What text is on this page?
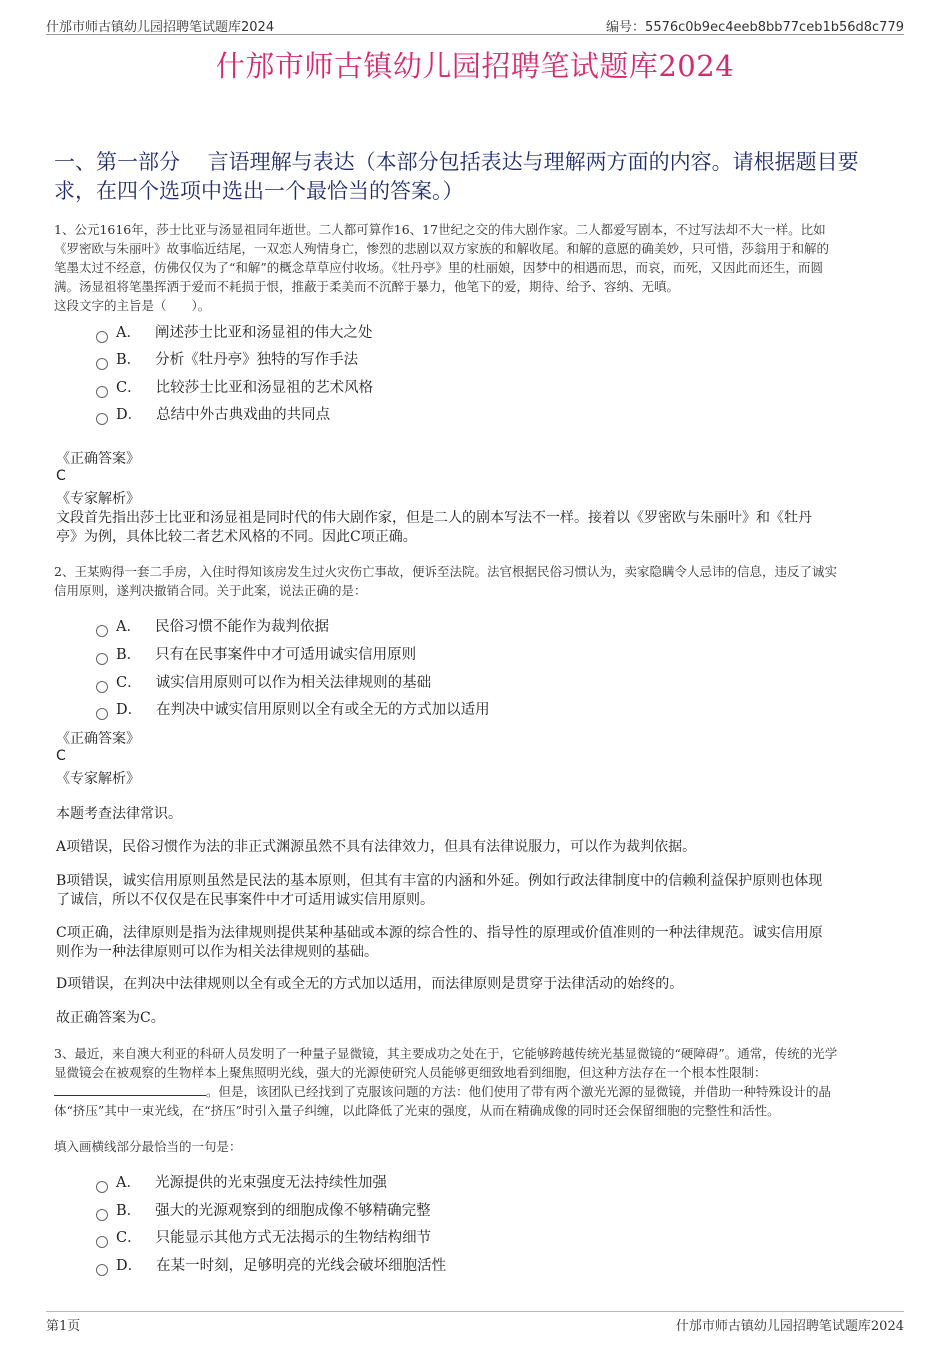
什邡市师古镇幼儿园招聘笔试题库2024	编号：5576c0b9ec4eeb8bb77ceb1b56d8c779
什邡市师古镇幼儿园招聘笔试题库2024
一、第一部分　 言语理解与表达（本部分包括表达与理解两方面的内容。请根据题目要求，在四个选项中选出一个最恰当的答案。）
1、公元1616年，莎士比亚与汤显祖同年逝世。二人都可算作16、17世纪之交的伟大剧作家。二人都爱写剧本，不过写法却不大一样。比如
《罗密欧与朱丽叶》故事临近结尾，一双恋人殉情身亡，惨烈的悲剧以双方家族的和解收尾。和解的意愿的确美妙，只可惜，莎翁用于和解的
笔墨太过不经意，仿佛仅仅为了“和解”的概念草草应付收场。《牡丹亭》里的杜丽娘，因梦中的相遇而思，而哀，而死，又因此而还生，而圆
满。汤显祖将笔墨挥洒于爱而不耗损于恨，推蔽于柔美而不沉醉于暴力，他笔下的爱，期待、给予、容纳、无嗔。
这段文字的主旨是（　　）。
A． 阐述莎士比亚和汤显祖的伟大之处
B． 分析《牡丹亭》独特的写作手法
C． 比较莎士比亚和汤显祖的艺术风格
D． 总结中外古典戏曲的共同点
《正确答案》
C
《专家解析》
文段首先指出莎士比亚和汤显祖是同时代的伟大剧作家，但是二人的剧本写法不一样。接着以《罗密欧与朱丽叶》和《牡丹
亭》为例，具体比较二者艺术风格的不同。因此C项正确。
2、王某购得一套二手房，入住时得知该房发生过火灾伤亡事故，便诉至法院。法官根据民俗习惯认为，卖家隐瞒令人忌讳的信息，违反了诚实
信用原则，遂判决撤销合同。关于此案，说法正确的是：
A． 民俗习惯不能作为裁判依据
B． 只有在民事案件中才可适用诚实信用原则
C． 诚实信用原则可以作为相关法律规则的基础
D． 在判决中诚实信用原则以全有或全无的方式加以适用
《正确答案》
C
《专家解析》
本题考查法律常识。
A项错误，民俗习惯作为法的非正式渊源虽然不具有法律效力，但具有法律说服力，可以作为裁判依据。
B项错误，诚实信用原则虽然是民法的基本原则，但其有丰富的内涵和外延。例如行政法律制度中的信赖利益保护原则也体现
了诚信，所以不仅仅是在民事案件中才可适用诚实信用原则。
C项正确，法律原则是指为法律规则提供某种基础或本源的综合性的、指导性的原理或价值准则的一种法律规范。诚实信用原
则作为一种法律原则可以作为相关法律规则的基础。
D项错误，在判决中法律规则以全有或全无的方式加以适用，而法律原则是贯穿于法律活动的始终的。
故正确答案为C。
3、最近，来自澳大利亚的科研人员发明了一种量子显微镜，其主要成功之处在于，它能够跨越传统光基显微镜的“硬障碍”。通常，传统的光学
显微镜会在被观察的生物样本上聚焦照明光线，强大的光源使研究人员能够更细致地看到细胞，但这种方法存在一个根本性限制：
。但是，该团队已经找到了克服该问题的方法：他们使用了带有两个激光光源的显微镜，并借助一种特殊设计的晶
体“挤压”其中一束光线，在“挤压”时引入量子纠缠，以此降低了光束的强度，从而在精确成像的同时还会保留细胞的完整性和活性。
填入画横线部分最恰当的一句是：
A． 光源提供的光束强度无法持续性加强
B． 强大的光源观察到的细胞成像不够精确完整
C． 只能显示其他方式无法揭示的生物结构细节
D． 在某一时刻，足够明亮的光线会破坏细胞活性
第1页	什邡市师古镇幼儿园招聘笔试题库2024
